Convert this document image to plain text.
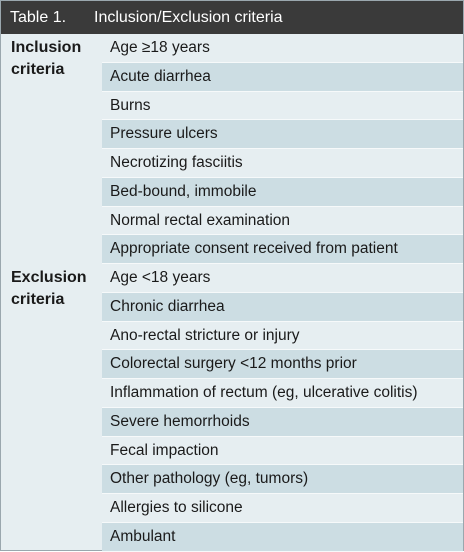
Table 1. Inclusion/Exclusion criteria
Inclusion
criteria
Exclusion
criteria
Age ≥18 years
Acute diarrhea
Burns
Pressure ulcers
Necrotizing fasciitis
Bed-bound, immobile
Normal rectal examination
Appropriate consent received from patient
Age <18 years
Chronic diarrhea
Ano-rectal stricture or injury
Colorectal surgery <12 months prior
Inflammation of rectum (eg, ulcerative colitis)
Severe hemorrhoids
Fecal impaction
Other pathology (eg, tumors)
Allergies to silicone
Ambulant
